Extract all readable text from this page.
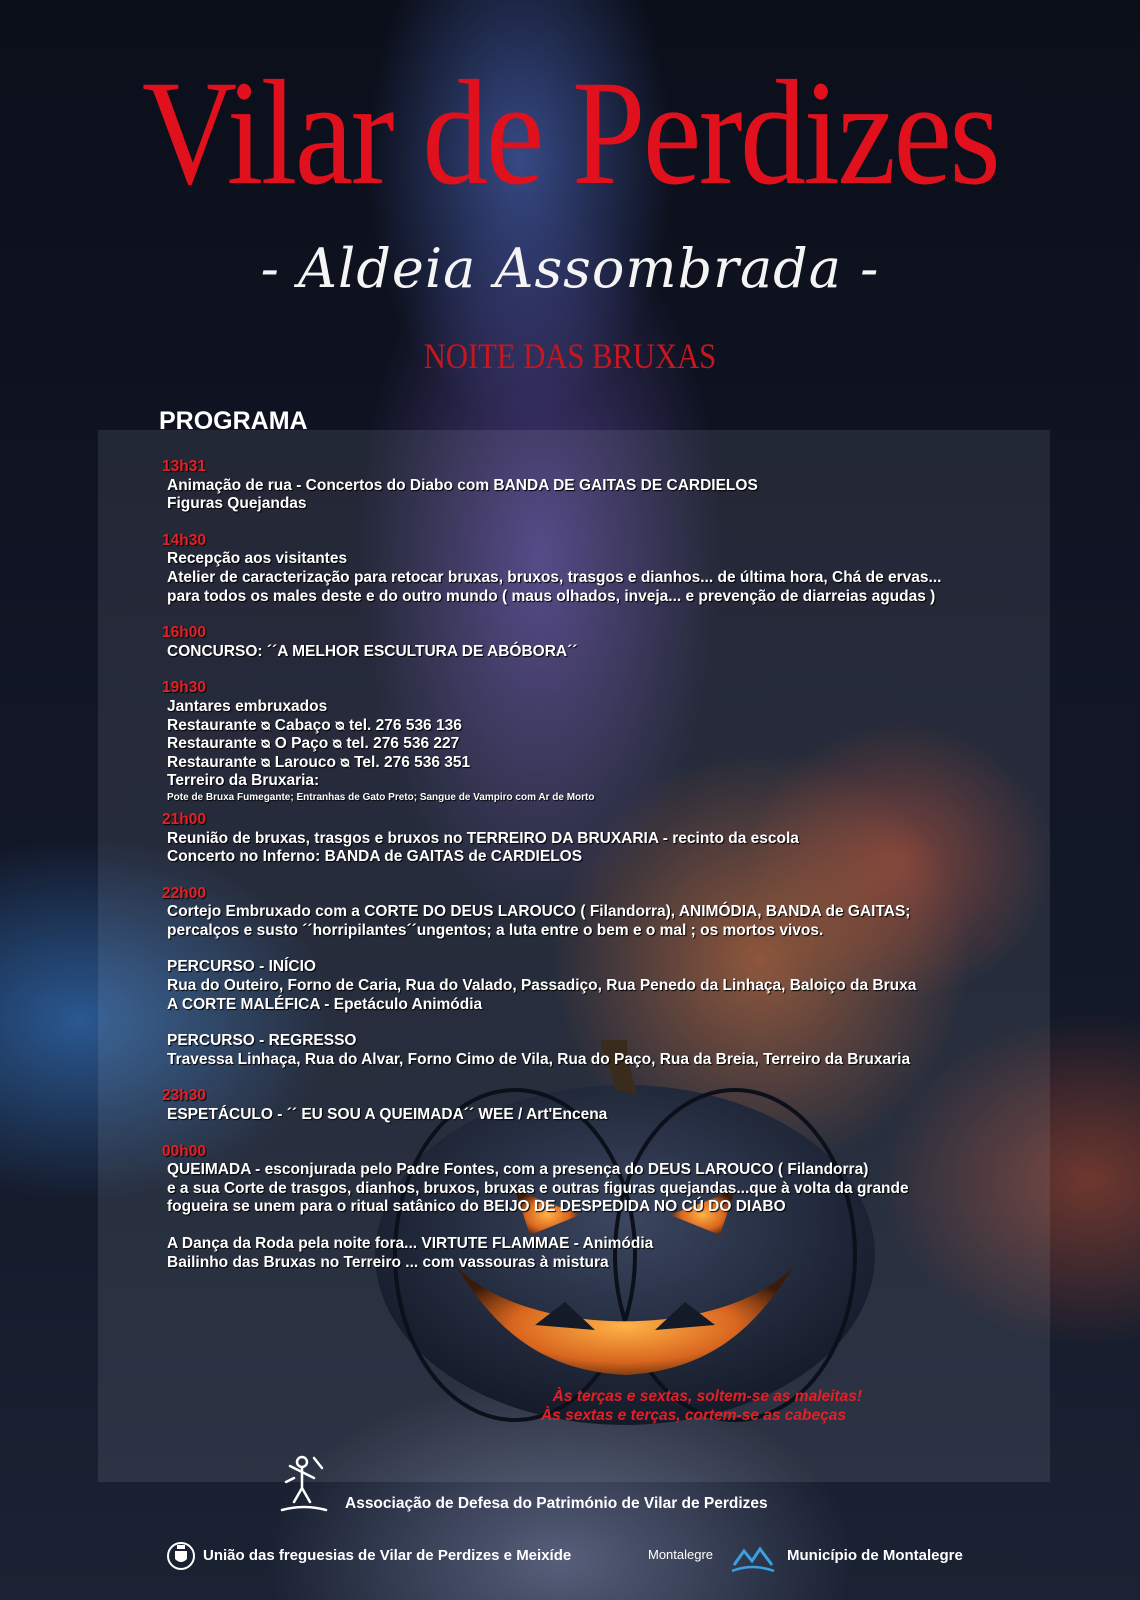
Vilar de Perdizes
- Aldeia Assombrada -
NOITE DAS BRUXAS
PROGRAMA
13h31
Animação de rua - Concertos do Diabo com BANDA DE GAITAS DE CARDIELOS
Figuras Quejandas
14h30
Recepção aos visitantes
Atelier de caracterização para retocar bruxas, bruxos, trasgos e dianhos... de última hora, Chá de ervas... para todos os males deste e do outro mundo ( maus olhados, inveja... e prevenção de diarreias agudas )
16h00
CONCURSO: ´´A MELHOR ESCULTURA DE ABÓBORA´´
19h30
Jantares embruxados
Restaurante ᴓ Cabaço ᴓ tel. 276 536 136
Restaurante ᴓ O Paço ᴓ tel. 276 536 227
Restaurante ᴓ Larouco ᴓ Tel. 276 536 351
Terreiro da Bruxaria:
Pote de Bruxa Fumegante; Entranhas de Gato Preto; Sangue de Vampiro com Ar de Morto
21h00
Reunião de bruxas, trasgos e bruxos no TERREIRO DA BRUXARIA - recinto da escola
Concerto no Inferno: BANDA de GAITAS de CARDIELOS
22h00
Cortejo Embruxado com a CORTE DO DEUS LAROUCO ( Filandorra), ANIMÓDIA, BANDA de GAITAS;
percalços e susto ´´horripilantes´´ungentos; a luta entre o bem e o mal ; os mortos vivos.
PERCURSO - INÍCIO
Rua do Outeiro, Forno de Caria, Rua do Valado, Passadiço, Rua Penedo da Linhaça, Baloiço da Bruxa
A CORTE MALÉFICA - Epetáculo Animódia
PERCURSO - REGRESSO
Travessa Linhaça, Rua do Alvar, Forno Cimo de Vila, Rua do Paço, Rua da Breia, Terreiro da Bruxaria
23h30
ESPETÁCULO - ´´ EU SOU A QUEIMADA´´ WEE / Art'Encena
00h00
QUEIMADA - esconjurada pelo Padre Fontes, com a presença do DEUS LAROUCO ( Filandorra)
e a sua Corte de trasgos, dianhos, bruxos, bruxas e outras figuras quejandas...que à volta da grande
fogueira se unem para o ritual satânico do BEIJO DE DESPEDIDA NO CÚ DO DIABO
A Dança da Roda pela noite fora... VIRTUTE FLAMMAE - Animódia
Bailinho das Bruxas no Terreiro ... com vassouras à mistura
Às terças e sextas, soltem-se as maleitas!
Às sextas e terças, cortem-se as cabeças
Associação de Defesa do Património de Vilar de Perdizes
União das freguesias de Vilar de Perdizes e Meixíde	Montalegre	Município de Montalegre
